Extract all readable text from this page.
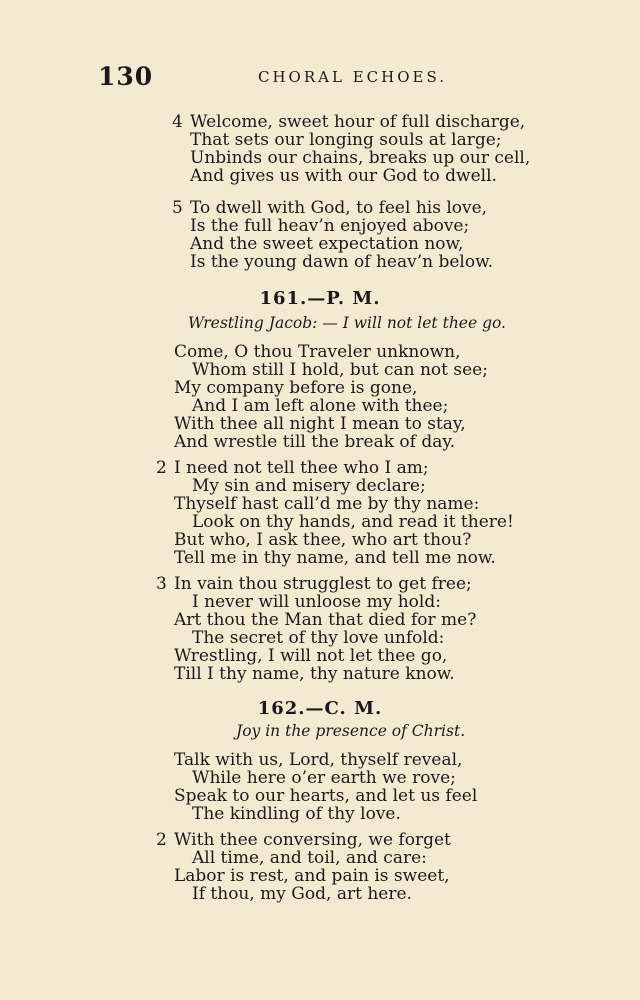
130	CHORAL ECHOES.
4 Welcome, sweet hour of full discharge,
That sets our longing souls at large;
Unbinds our chains, breaks up our cell,
And gives us with our God to dwell.
5 To dwell with God, to feel his love,
Is the full heav’n enjoyed above;
And the sweet expectation now,
Is the young dawn of heav’n below.
161.—P. M.
Wrestling Jacob: — I will not let thee go.
Come, O thou Traveler unknown,
Whom still I hold, but can not see;
My company before is gone,
And I am left alone with thee;
With thee all night I mean to stay,
And wrestle till the break of day.
2 I need not tell thee who I am;
My sin and misery declare;
Thyself hast call’d me by thy name:
Look on thy hands, and read it there!
But who, I ask thee, who art thou?
Tell me in thy name, and tell me now.
3 In vain thou strugglest to get free;
I never will unloose my hold:
Art thou the Man that died for me?
The secret of thy love unfold:
Wrestling, I will not let thee go,
Till I thy name, thy nature know.
162.—C. M.
Joy in the presence of Christ.
Talk with us, Lord, thyself reveal,
While here o’er earth we rove;
Speak to our hearts, and let us feel
The kindling of thy love.
2 With thee conversing, we forget
All time, and toil, and care:
Labor is rest, and pain is sweet,
If thou, my God, art here.
